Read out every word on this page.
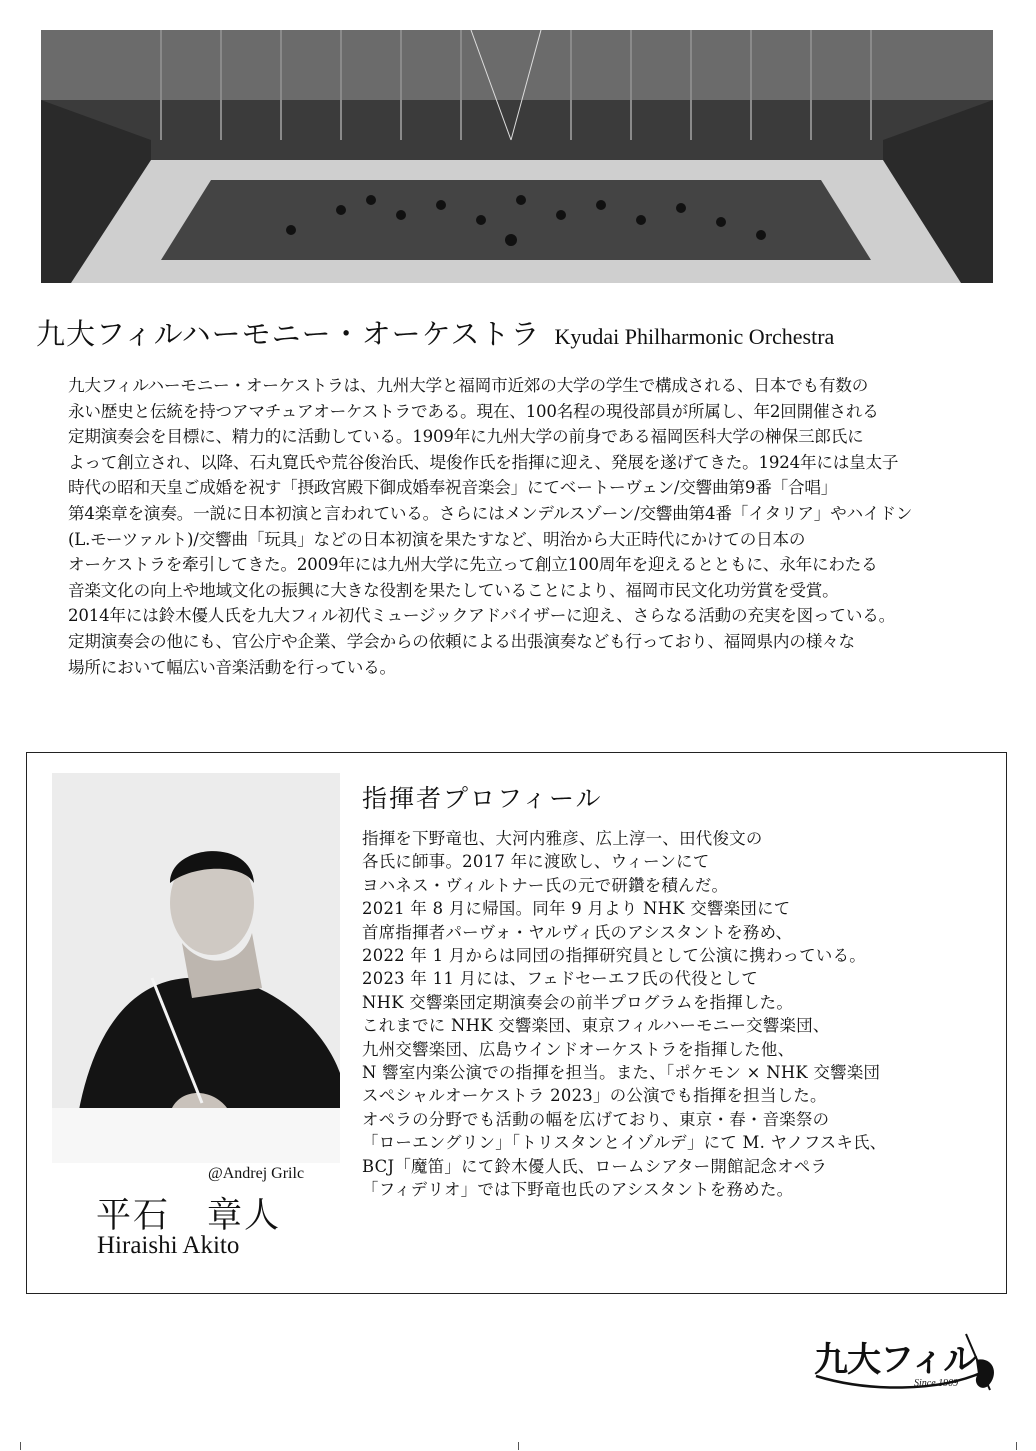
九大フィルハーモニー・オーケストラ Kyudai Philharmonic Orchestra
九大フィルハーモニー・オーケストラは、九州大学と福岡市近郊の大学の学生で構成される、日本でも有数の
永い歴史と伝統を持つアマチュアオーケストラである。現在、100名程の現役部員が所属し、年2回開催される
定期演奏会を目標に、精力的に活動している。1909年に九州大学の前身である福岡医科大学の榊保三郎氏に
よって創立され、以降、石丸寛氏や荒谷俊治氏、堤俊作氏を指揮に迎え、発展を遂げてきた。1924年には皇太子
時代の昭和天皇ご成婚を祝す「摂政宮殿下御成婚奉祝音楽会」にてベートーヴェン/交響曲第9番「合唱」
第4楽章を演奏。一説に日本初演と言われている。さらにはメンデルスゾーン/交響曲第4番「イタリア」やハイドン
(L.モーツァルト)/交響曲「玩具」などの日本初演を果たすなど、明治から大正時代にかけての日本の
オーケストラを牽引してきた。2009年には九州大学に先立って創立100周年を迎えるとともに、永年にわたる
音楽文化の向上や地域文化の振興に大きな役割を果たしていることにより、福岡市民文化功労賞を受賞。
2014年には鈴木優人氏を九大フィル初代ミュージックアドバイザーに迎え、さらなる活動の充実を図っている。
定期演奏会の他にも、官公庁や企業、学会からの依頼による出張演奏なども行っており、福岡県内の様々な
場所において幅広い音楽活動を行っている。
@Andrej Grilc
平石　章人
Hiraishi Akito
指揮者プロフィール
指揮を下野竜也、大河内雅彦、広上淳一、田代俊文の
各氏に師事。2017 年に渡欧し、ウィーンにて
ヨハネス・ヴィルトナー氏の元で研鑽を積んだ。
2021 年 8 月に帰国。同年 9 月より NHK 交響楽団にて
首席指揮者パーヴォ・ヤルヴィ氏のアシスタントを務め、
2022 年 1 月からは同団の指揮研究員として公演に携わっている。
2023 年 11 月には、フェドセーエフ氏の代役として
NHK 交響楽団定期演奏会の前半プログラムを指揮した。
これまでに NHK 交響楽団、東京フィルハーモニー交響楽団、
九州交響楽団、広島ウインドオーケストラを指揮した他、
N 響室内楽公演での指揮を担当。また、「ポケモン × NHK 交響楽団
スペシャルオーケストラ 2023」の公演でも指揮を担当した。
オペラの分野でも活動の幅を広げており、東京・春・音楽祭の
「ローエングリン」「トリスタンとイゾルデ」にて M. ヤノフスキ氏、
BCJ「魔笛」にて鈴木優人氏、ロームシアター開館記念オペラ
「フィデリオ」では下野竜也氏のアシスタントを務めた。
九大フィル
Since 1909
